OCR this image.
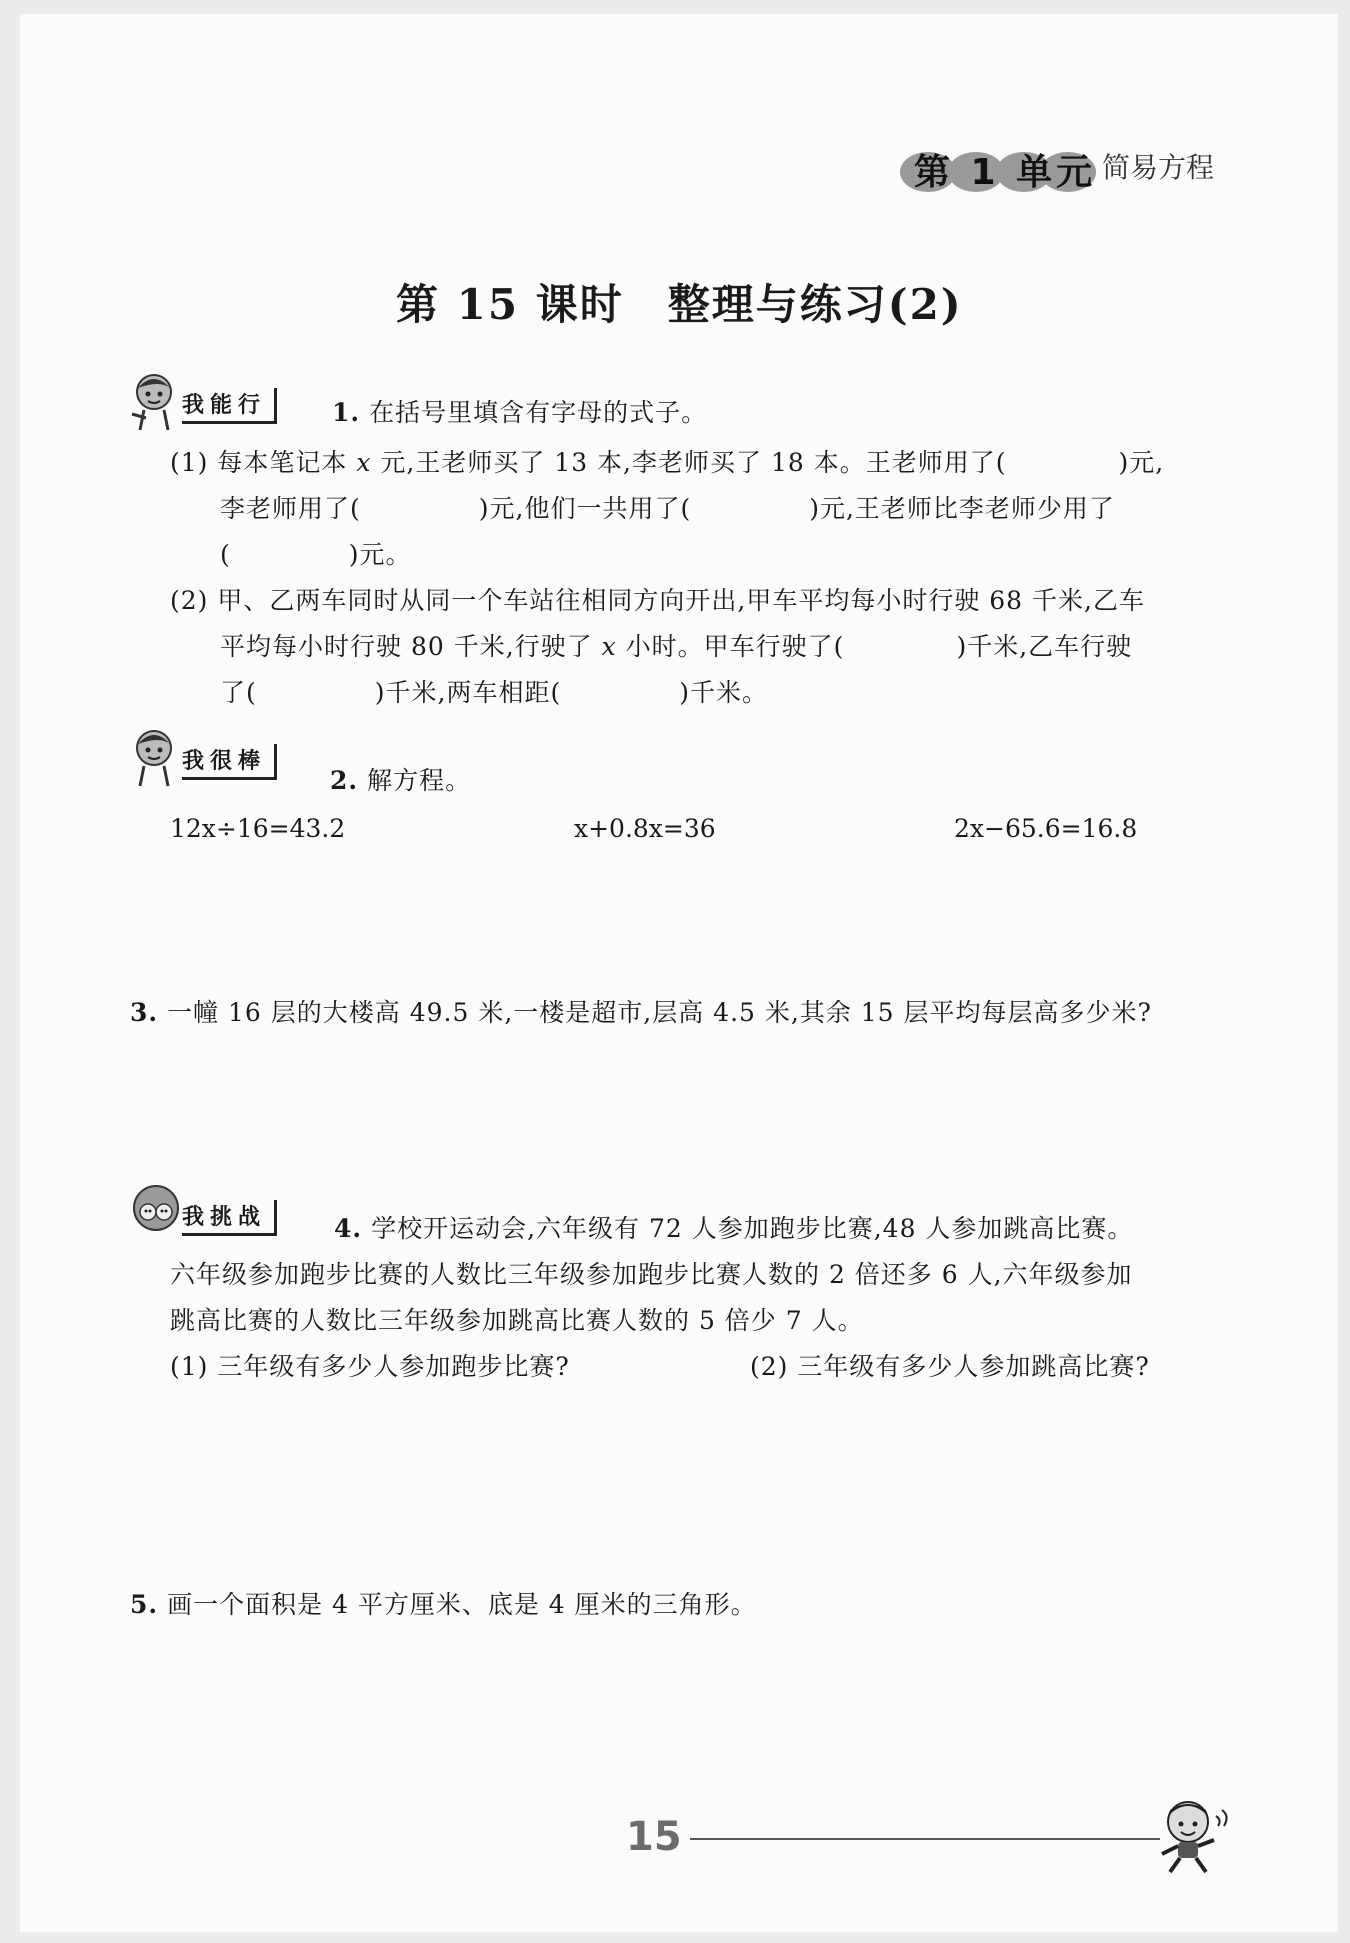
第 1 单元 简易方程
第 15 课时　整理与练习(2)
我能行	1. 在括号里填含有字母的式子。
(1) 每本笔记本 x 元,王老师买了 13 本,李老师买了 18 本。王老师用了(	)元,
李老师用了(	)元,他们一共用了(	)元,王老师比李老师少用了
(	)元。
(2) 甲、乙两车同时从同一个车站往相同方向开出,甲车平均每小时行驶 68 千米,乙车
平均每小时行驶 80 千米,行驶了 x 小时。甲车行驶了(	)千米,乙车行驶
了(	)千米,两车相距(	)千米。
我很棒
2. 解方程。
12x÷16=43.2	x+0.8x=36	2x−65.6=16.8
3. 一幢 16 层的大楼高 49.5 米,一楼是超市,层高 4.5 米,其余 15 层平均每层高多少米?
我挑战	4. 学校开运动会,六年级有 72 人参加跑步比赛,48 人参加跳高比赛。
六年级参加跑步比赛的人数比三年级参加跑步比赛人数的 2 倍还多 6 人,六年级参加
跳高比赛的人数比三年级参加跳高比赛人数的 5 倍少 7 人。
(1) 三年级有多少人参加跑步比赛?	(2) 三年级有多少人参加跳高比赛?
5. 画一个面积是 4 平方厘米、底是 4 厘米的三角形。
15
